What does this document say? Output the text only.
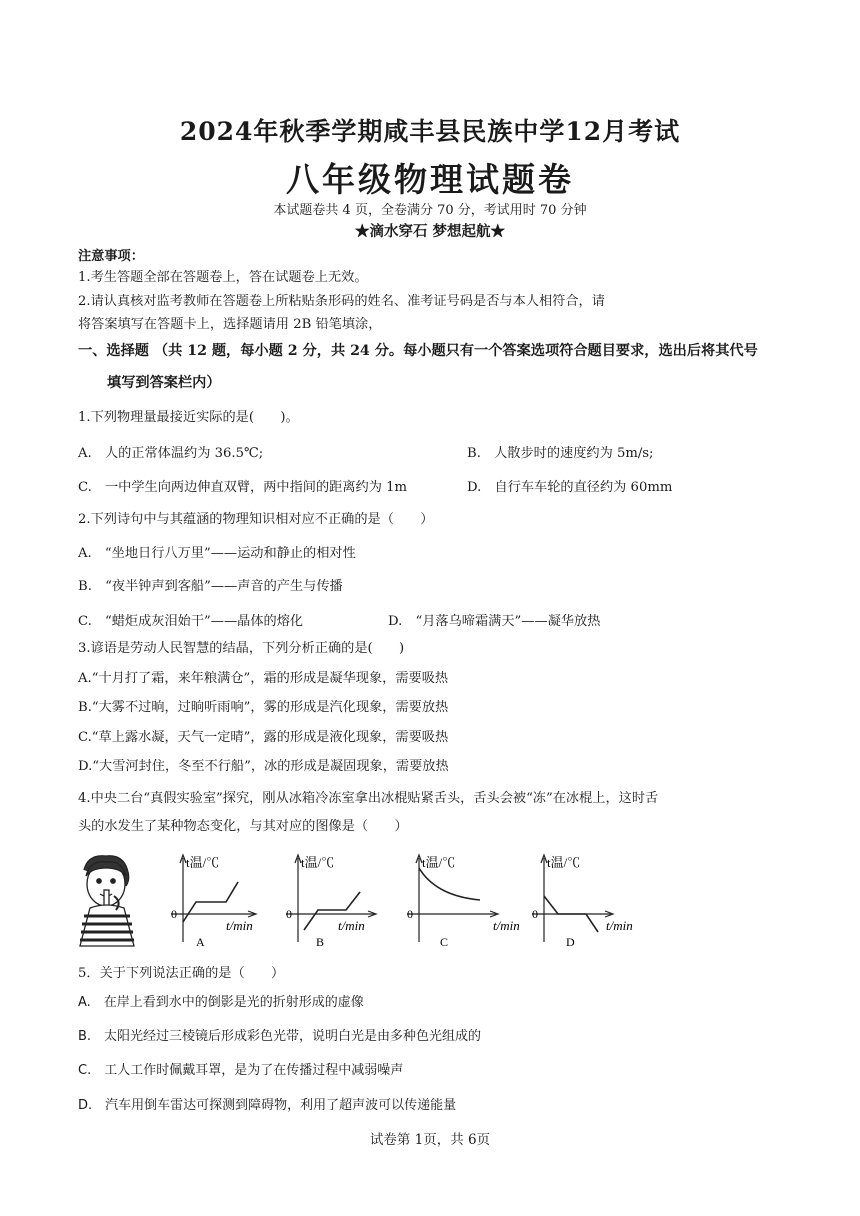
2024年秋季学期咸丰县民族中学12月考试
八年级物理试题卷
本试题卷共 4 页，全卷满分 70 分，考试用时 70 分钟
★滴水穿石 梦想起航★
注意事项：
1.考生答题全部在答题卷上，答在试题卷上无效。
2.请认真核对监考教师在答题卷上所粘贴条形码的姓名、准考证号码是否与本人相符合，请
将答案填写在答题卡上，选择题请用 2B 铅笔填涂，
一、选择题 （共 12 题，每小题 2 分，共 24 分。每小题只有一个答案选项符合题目要求，选出后将其代号
填写到答案栏内）
1.下列物理量最接近实际的是(　　)。
A.　人的正常体温约为 36.5℃;	B.　人散步时的速度约为 5m/s;
C.　一中学生向两边伸直双臂，两中指间的距离约为 1m	D.　自行车车轮的直径约为 60mm
2.下列诗句中与其蕴涵的物理知识相对应不正确的是（　　）
A.　“坐地日行八万里”——运动和静止的相对性
B.　“夜半钟声到客船”——声音的产生与传播
C.　“蜡炬成灰泪始干”——晶体的熔化	D.　“月落乌啼霜满天”——凝华放热
3.谚语是劳动人民智慧的结晶，下列分析正确的是(　　)
A.“十月打了霜，来年粮满仓”，霜的形成是凝华现象，需要吸热
B.“大雾不过晌，过晌听雨响”，雾的形成是汽化现象，需要放热
C.“草上露水凝，天气一定晴”，露的形成是液化现象，需要吸热
D.“大雪河封住，冬至不行船”，冰的形成是凝固现象，需要放热
4.中央二台“真假实验室”探究，刚从冰箱冷冻室拿出冰棍贴紧舌头，舌头会被“冻”在冰棍上，这时舌
头的水发生了某种物态变化，与其对应的图像是（　　）
t温/℃
0
t/min
A
t温/℃
0
t/min
B
t温/℃
0
t/min
C
t温/℃
0
t/min
D
5．关于下列说法正确的是（　　）
A.　在岸上看到水中的倒影是光的折射形成的虚像
B.　太阳光经过三棱镜后形成彩色光带，说明白光是由多种色光组成的
C.　工人工作时佩戴耳罩，是为了在传播过程中减弱噪声
D.　汽车用倒车雷达可探测到障碍物，利用了超声波可以传递能量
试卷第 1页，共 6页
